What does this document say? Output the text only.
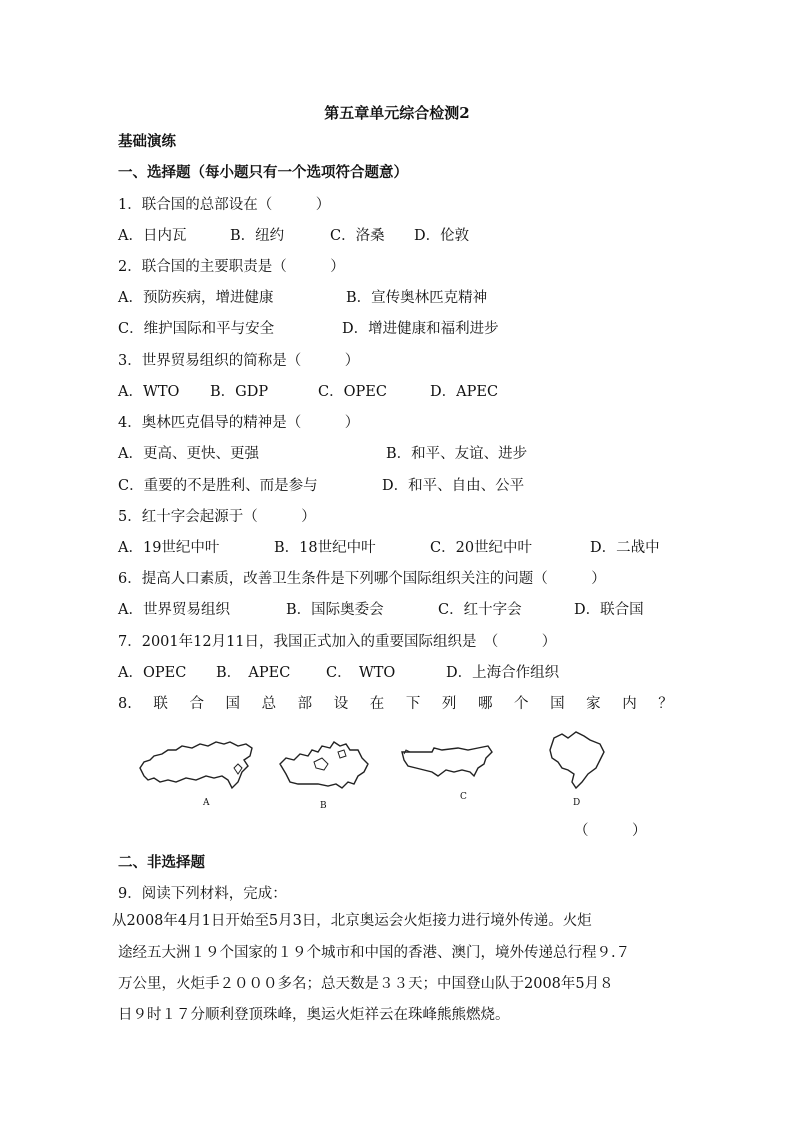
第五章单元综合检测2
基础演练
一、选择题（每小题只有一个选项符合题意）
1．联合国的总部设在（　　　）
A．日内瓦	B．纽约	C．洛桑 D．伦敦
2．联合国的主要职责是（　　　）
A．预防疾病，增进健康	B．宣传奥林匹克精神
C．维护国际和平与安全	D．增进健康和福利进步
3．世界贸易组织的简称是（　　　）
A．WTO B．GDP	C．OPEC	D．APEC
4．奥林匹克倡导的精神是（　　　）
A．更高、更快、更强	B．和平、友谊、进步
C．重要的不是胜利、而是参与	D．和平、自由、公平
5．红十字会起源于（　　　）
A．19世纪中叶	B．18世纪中叶	C．20世纪中叶	D．二战中
6．提高人口素质，改善卫生条件是下列哪个国际组织关注的问题（　　　）
A．世界贸易组织	B．国际奥委会	C．红十字会	D．联合国
7．2001年12月11日，我国正式加入的重要国际组织是　（　　　）
A．OPEC B．　APEC C．　WTO	D．上海合作组织
8. 联 合 国 总 部 设 在 下 列 哪 个 国 家 内 ？
A	B
C
D
（　　　）
二、非选择题
9．阅读下列材料，完成：
从2008年4月1日开始至5月3日，北京奥运会火炬接力进行境外传递。火炬
途经五大洲１９个国家的１９个城市和中国的香港、澳门，境外传递总行程９.７
万公里，火炬手２０００多名；总天数是３３天；中国登山队于2008年5月８
日９时１７分顺利登顶珠峰，奥运火炬祥云在珠峰熊熊燃烧。
